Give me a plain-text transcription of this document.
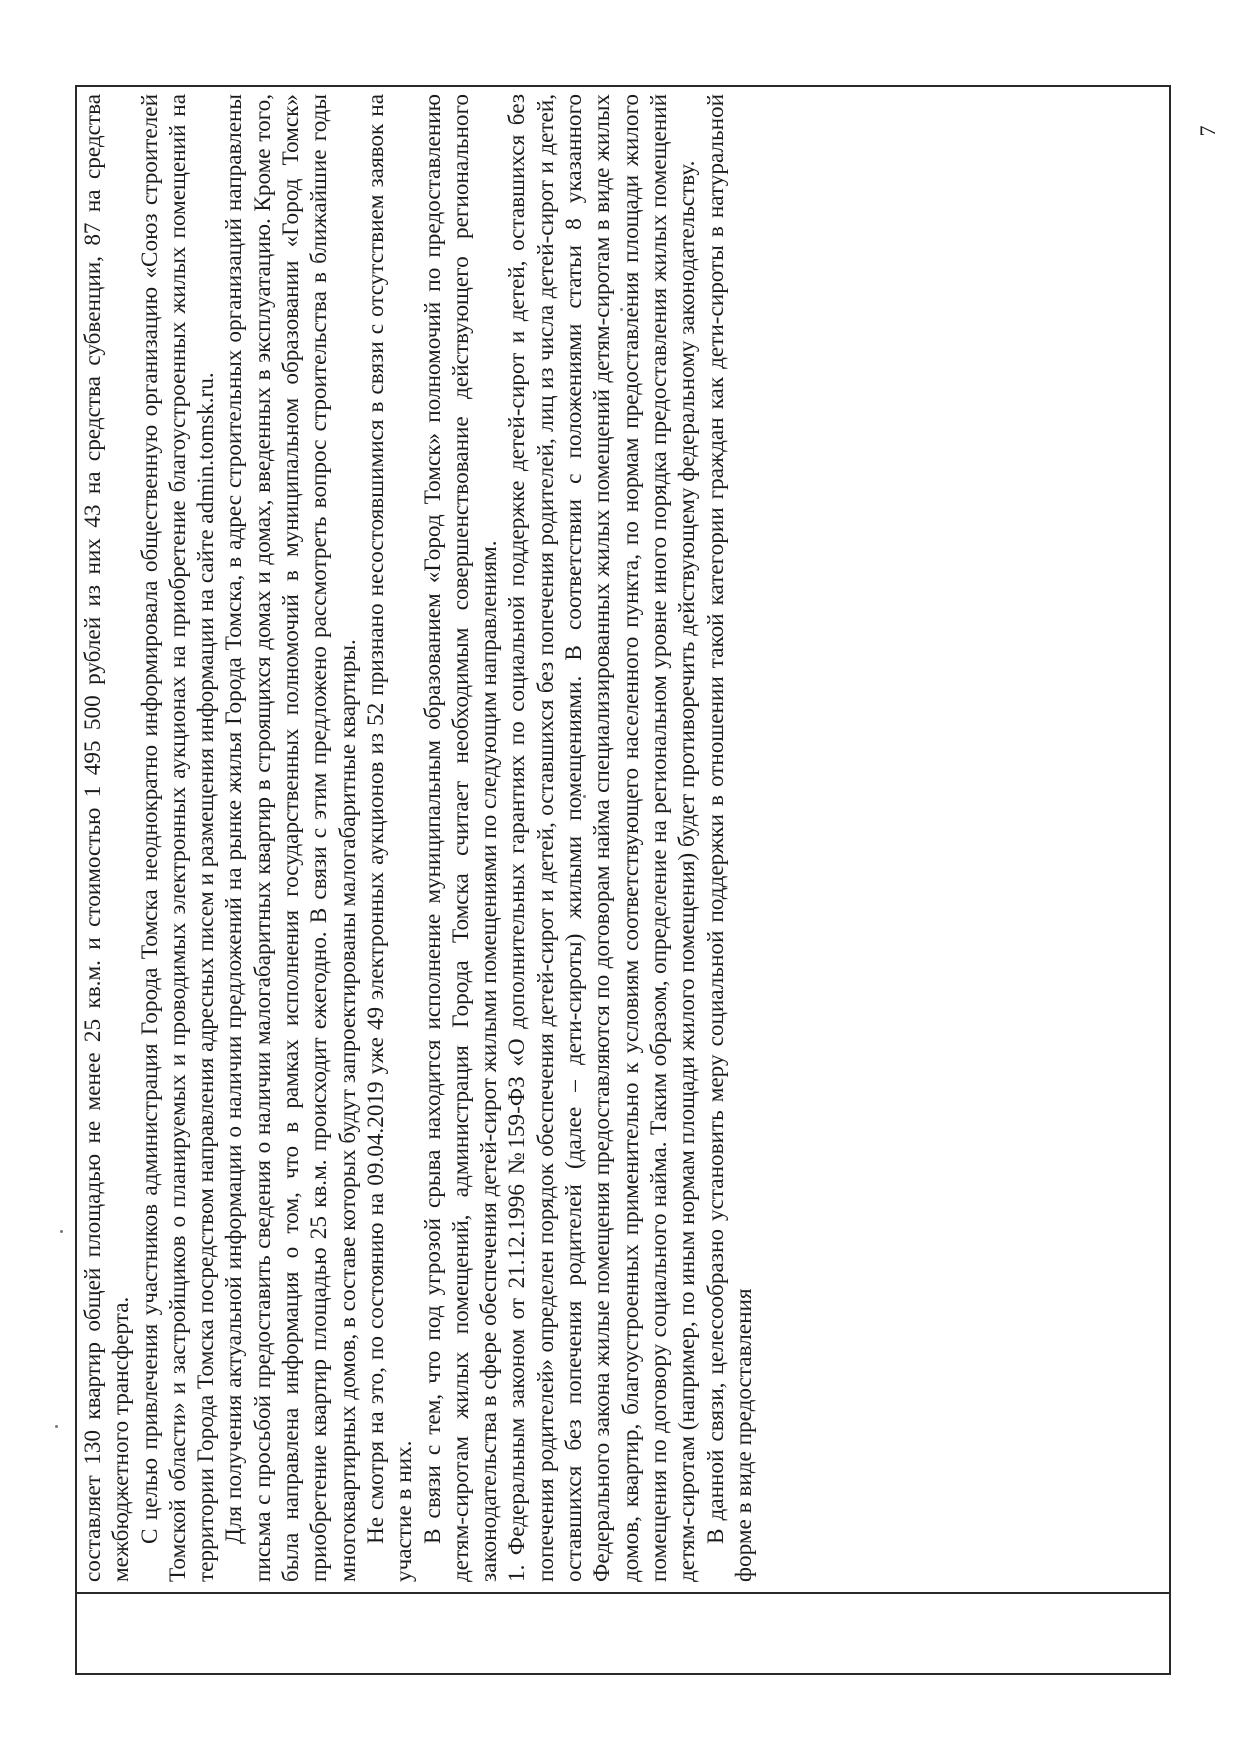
7

составляет 130 квартир общей площадью не менее 25 кв.м. и стоимостью 1 495 500 рублей из них 43 на средства субвенции, 87 на средства межбюджетного трансферта. С целью привлечения участников администрация Города Томска неоднократно информировала общественную организацию «Союз строителей Томской области» и застройщиков о планируемых и проводимых электронных аукционах на приобретение благоустроенных жилых помещений на территории Города Томска посредством направления адресных писем и размещения информации на сайте admin.tomsk.ru. Для получения актуальной информации о наличии предложений на рынке жилья Города Томска, в адрес строительных организаций направлены письма с просьбой предоставить сведения о наличии малогабаритных квартир в строящихся домах и домах, введенных в эксплуатацию. Кроме того, была направлена информация о том, что в рамках исполнения государственных полномочий в муниципальном образовании «Город Томск» приобретение квартир площадью 25 кв.м. происходит ежегодно. В связи с этим предложено рассмотреть вопрос строительства в ближайшие годы многоквартирных домов, в составе которых будут запроектированы малогабаритные квартиры. Не смотря на это, по состоянию на 09.04.2019 уже 49 электронных аукционов из 52 признано несостоявшимися в связи с отсутствием заявок на участие в них. В связи с тем, что под угрозой срыва находится исполнение муниципальным образованием «Город Томск» полномочий по предоставлению детям-сиротам жилых помещений, администрация Города Томска считает необходимым совершенствование действующего регионального законодательства в сфере обеспечения детей-сирот жилыми помещениями по следующим направлениям. 1. Федеральным законом от 21.12.1996 №159-ФЗ «О дополнительных гарантиях по социальной поддержке детей-сирот и детей, оставшихся без попечения родителей» определен порядок обеспечения детей-сирот и детей, оставшихся без попечения родителей, лиц из числа детей-сирот и детей, оставшихся без попечения родителей (далее – дети-сироты) жилыми помещениями. В соответствии с положениями статьи 8 указанного Федерального закона жилые помещения предоставляются по договорам найма специализированных жилых помещений детям-сиротам в виде жилых домов, квартир, благоустроенных применительно к условиям соответствующего населенного пункта, по нормам предоставления площади жилого помещения по договору социального найма. Таким образом, определение на региональном уровне иного порядка предоставления жилых помещений детям-сиротам (например, по иным нормам площади жилого помещения) будет противоречить действующему федеральному законодательству. В данной связи, целесообразно установить меру социальной поддержки в отношении такой категории граждан как дети-сироты в натуральной форме в виде предоставления
